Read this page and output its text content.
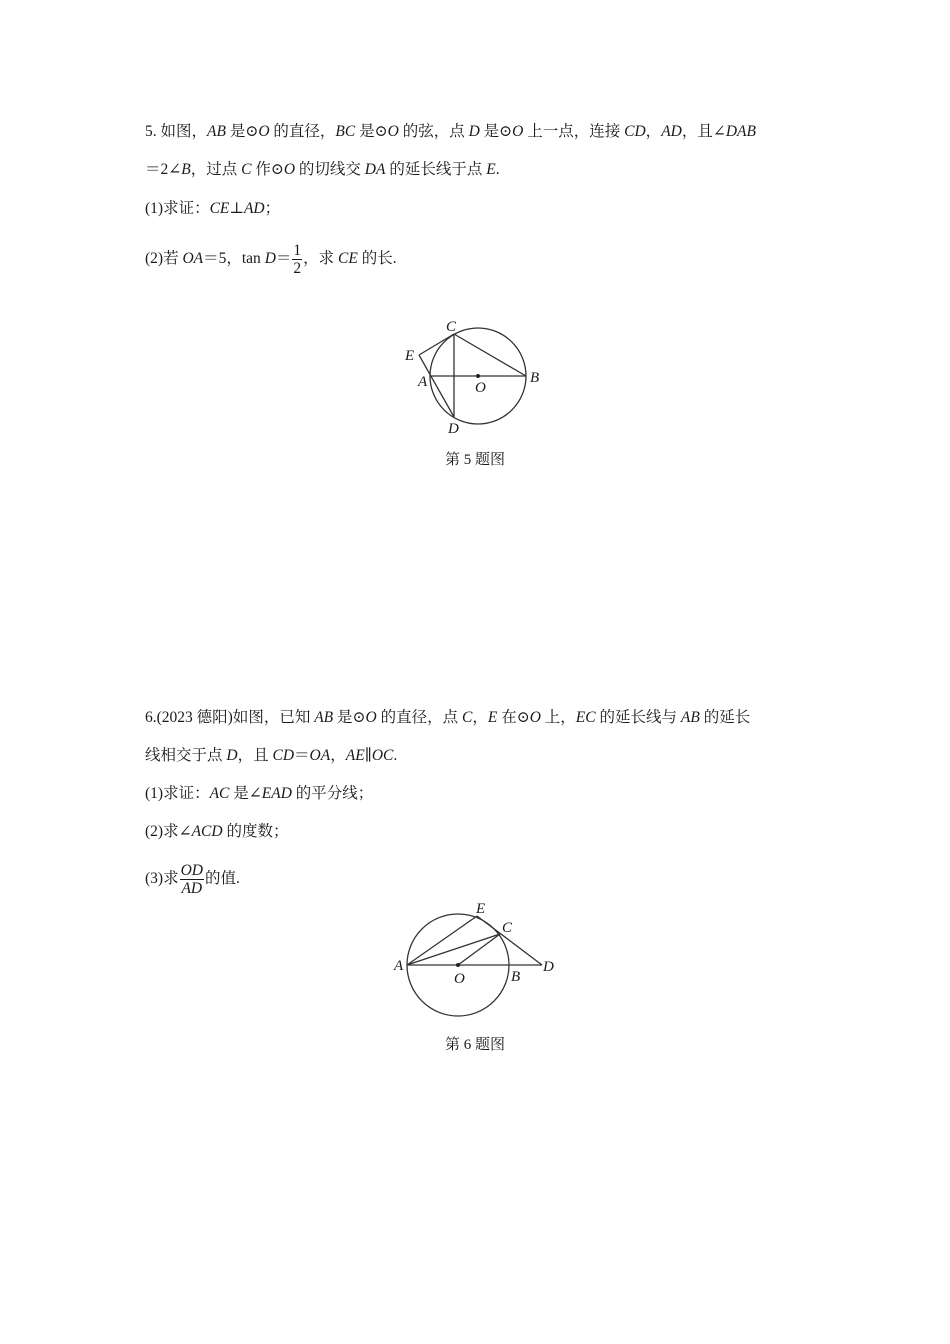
5. 如图，AB 是⊙O 的直径，BC 是⊙O 的弦，点 D 是⊙O 上一点，连接 CD，AD，且∠DAB
＝2∠B，过点 C 作⊙O 的切线交 DA 的延长线于点 E.
(1)求证：CE⊥AD；
(2)若 OA＝5，$\tan D= \frac{1}{2}$ ，求 CE 的长.
C
E
A	O
B
D
E
C
A
O	B
D
第 5 题图
6.(2023 德阳)如图，已知 AB 是⊙O 的直径，点 C，E 在⊙O 上，EC 的延长线与 AB 的延长
线相交于点 D，且 CD＝OA，AE∥OC.
(1)求证：AC 是∠EAD 的平分线；
(2)求∠ACD 的度数；
(3)求 $\frac{OD}{AD}$ 的值.
第 6 题图
